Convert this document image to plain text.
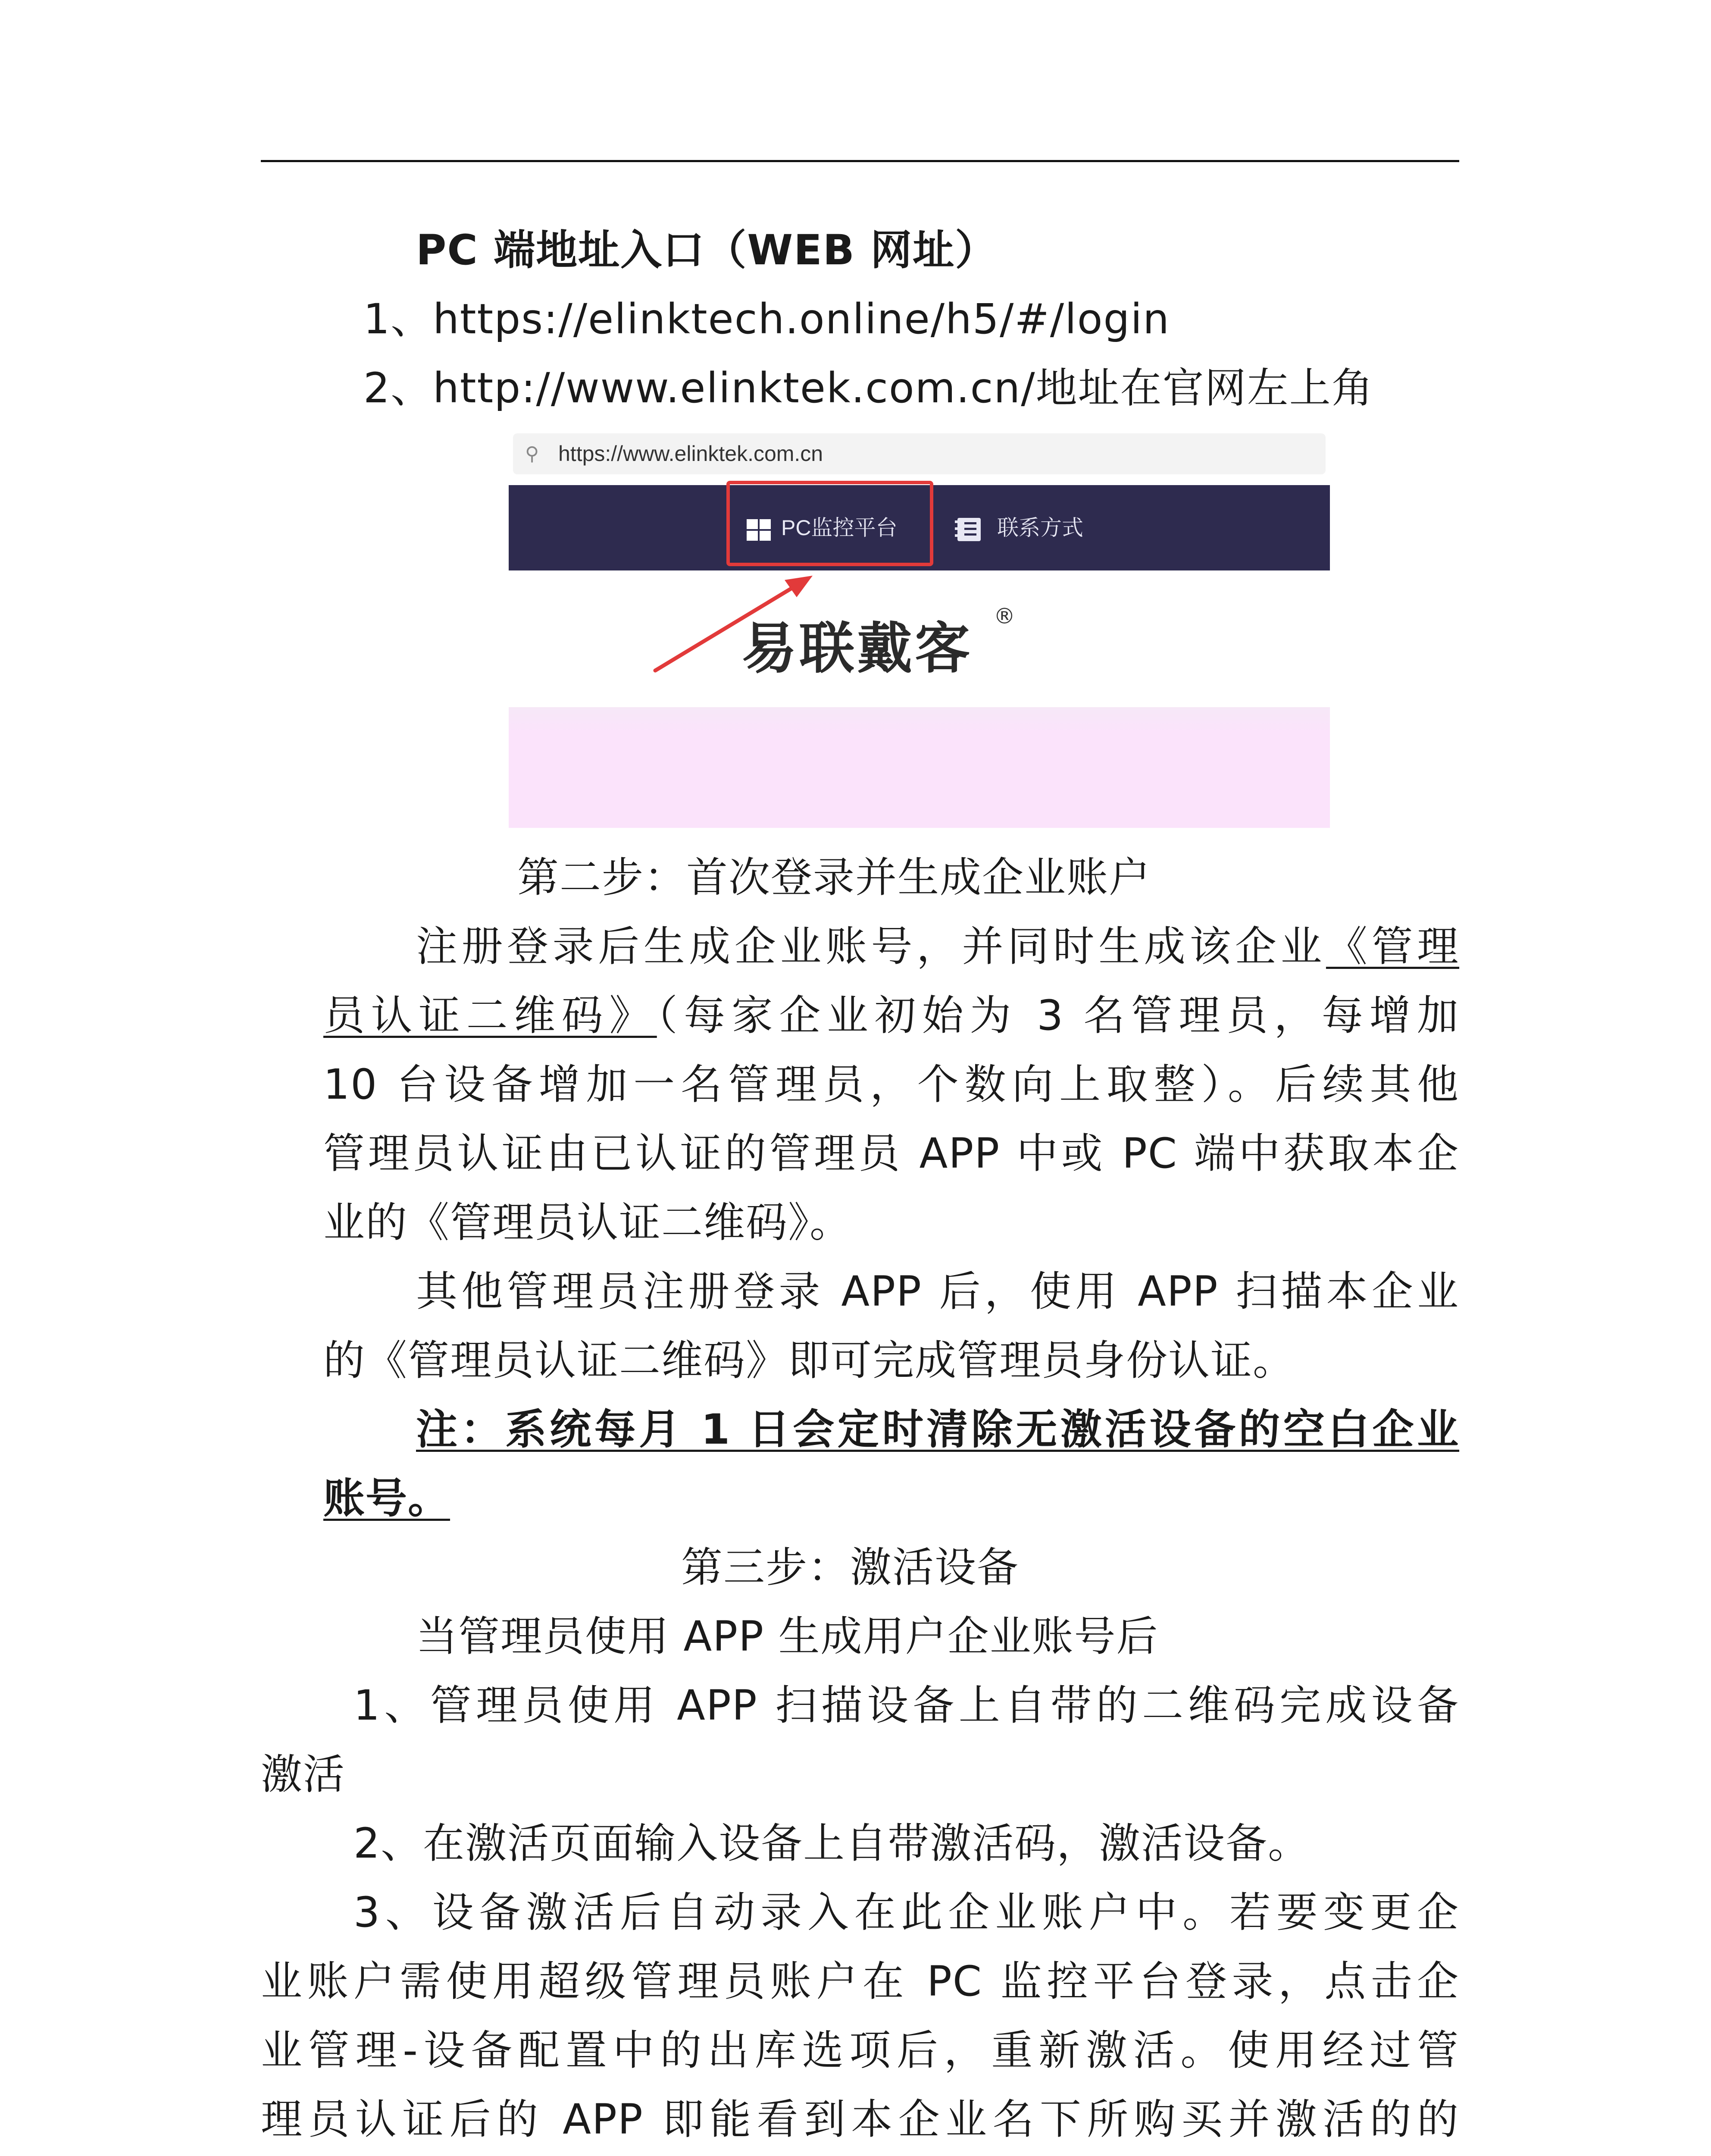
PC 端地址入口（WEB 网址）

1、https://elinktech.online/h5/#/login

2、http://www.elinktek.com.cn/地址在官网左上角

⚲ https://www.elinktek.com.cn
PC监控平台	联系方式
易联戴客
®

第二步：首次登录并生成企业账户

注册登录后生成企业账号，并同时生成该企业《管理

员认证二维码》（每家企业初始为 3 名管理员，每增加

10 台设备增加一名管理员，个数向上取整）。后续其他

管理员认证由已认证的管理员 APP 中或 PC 端中获取本企

业的《管理员认证二维码》。

其他管理员注册登录 APP 后，使用 APP 扫描本企业

的《管理员认证二维码》即可完成管理员身份认证。

注：系统每月 1 日会定时清除无激活设备的空白企业

账号。

第三步：激活设备

当管理员使用 APP 生成用户企业账号后

1、管理员使用 APP 扫描设备上自带的二维码完成设备

激活

2、在激活页面输入设备上自带激活码，激活设备。

3、设备激活后自动录入在此企业账户中。若要变更企

业账户需使用超级管理员账户在 PC 监控平台登录，点击企

业管理-设备配置中的出库选项后，重新激活。使用经过管

理员认证后的 APP 即能看到本企业名下所购买并激活的的
